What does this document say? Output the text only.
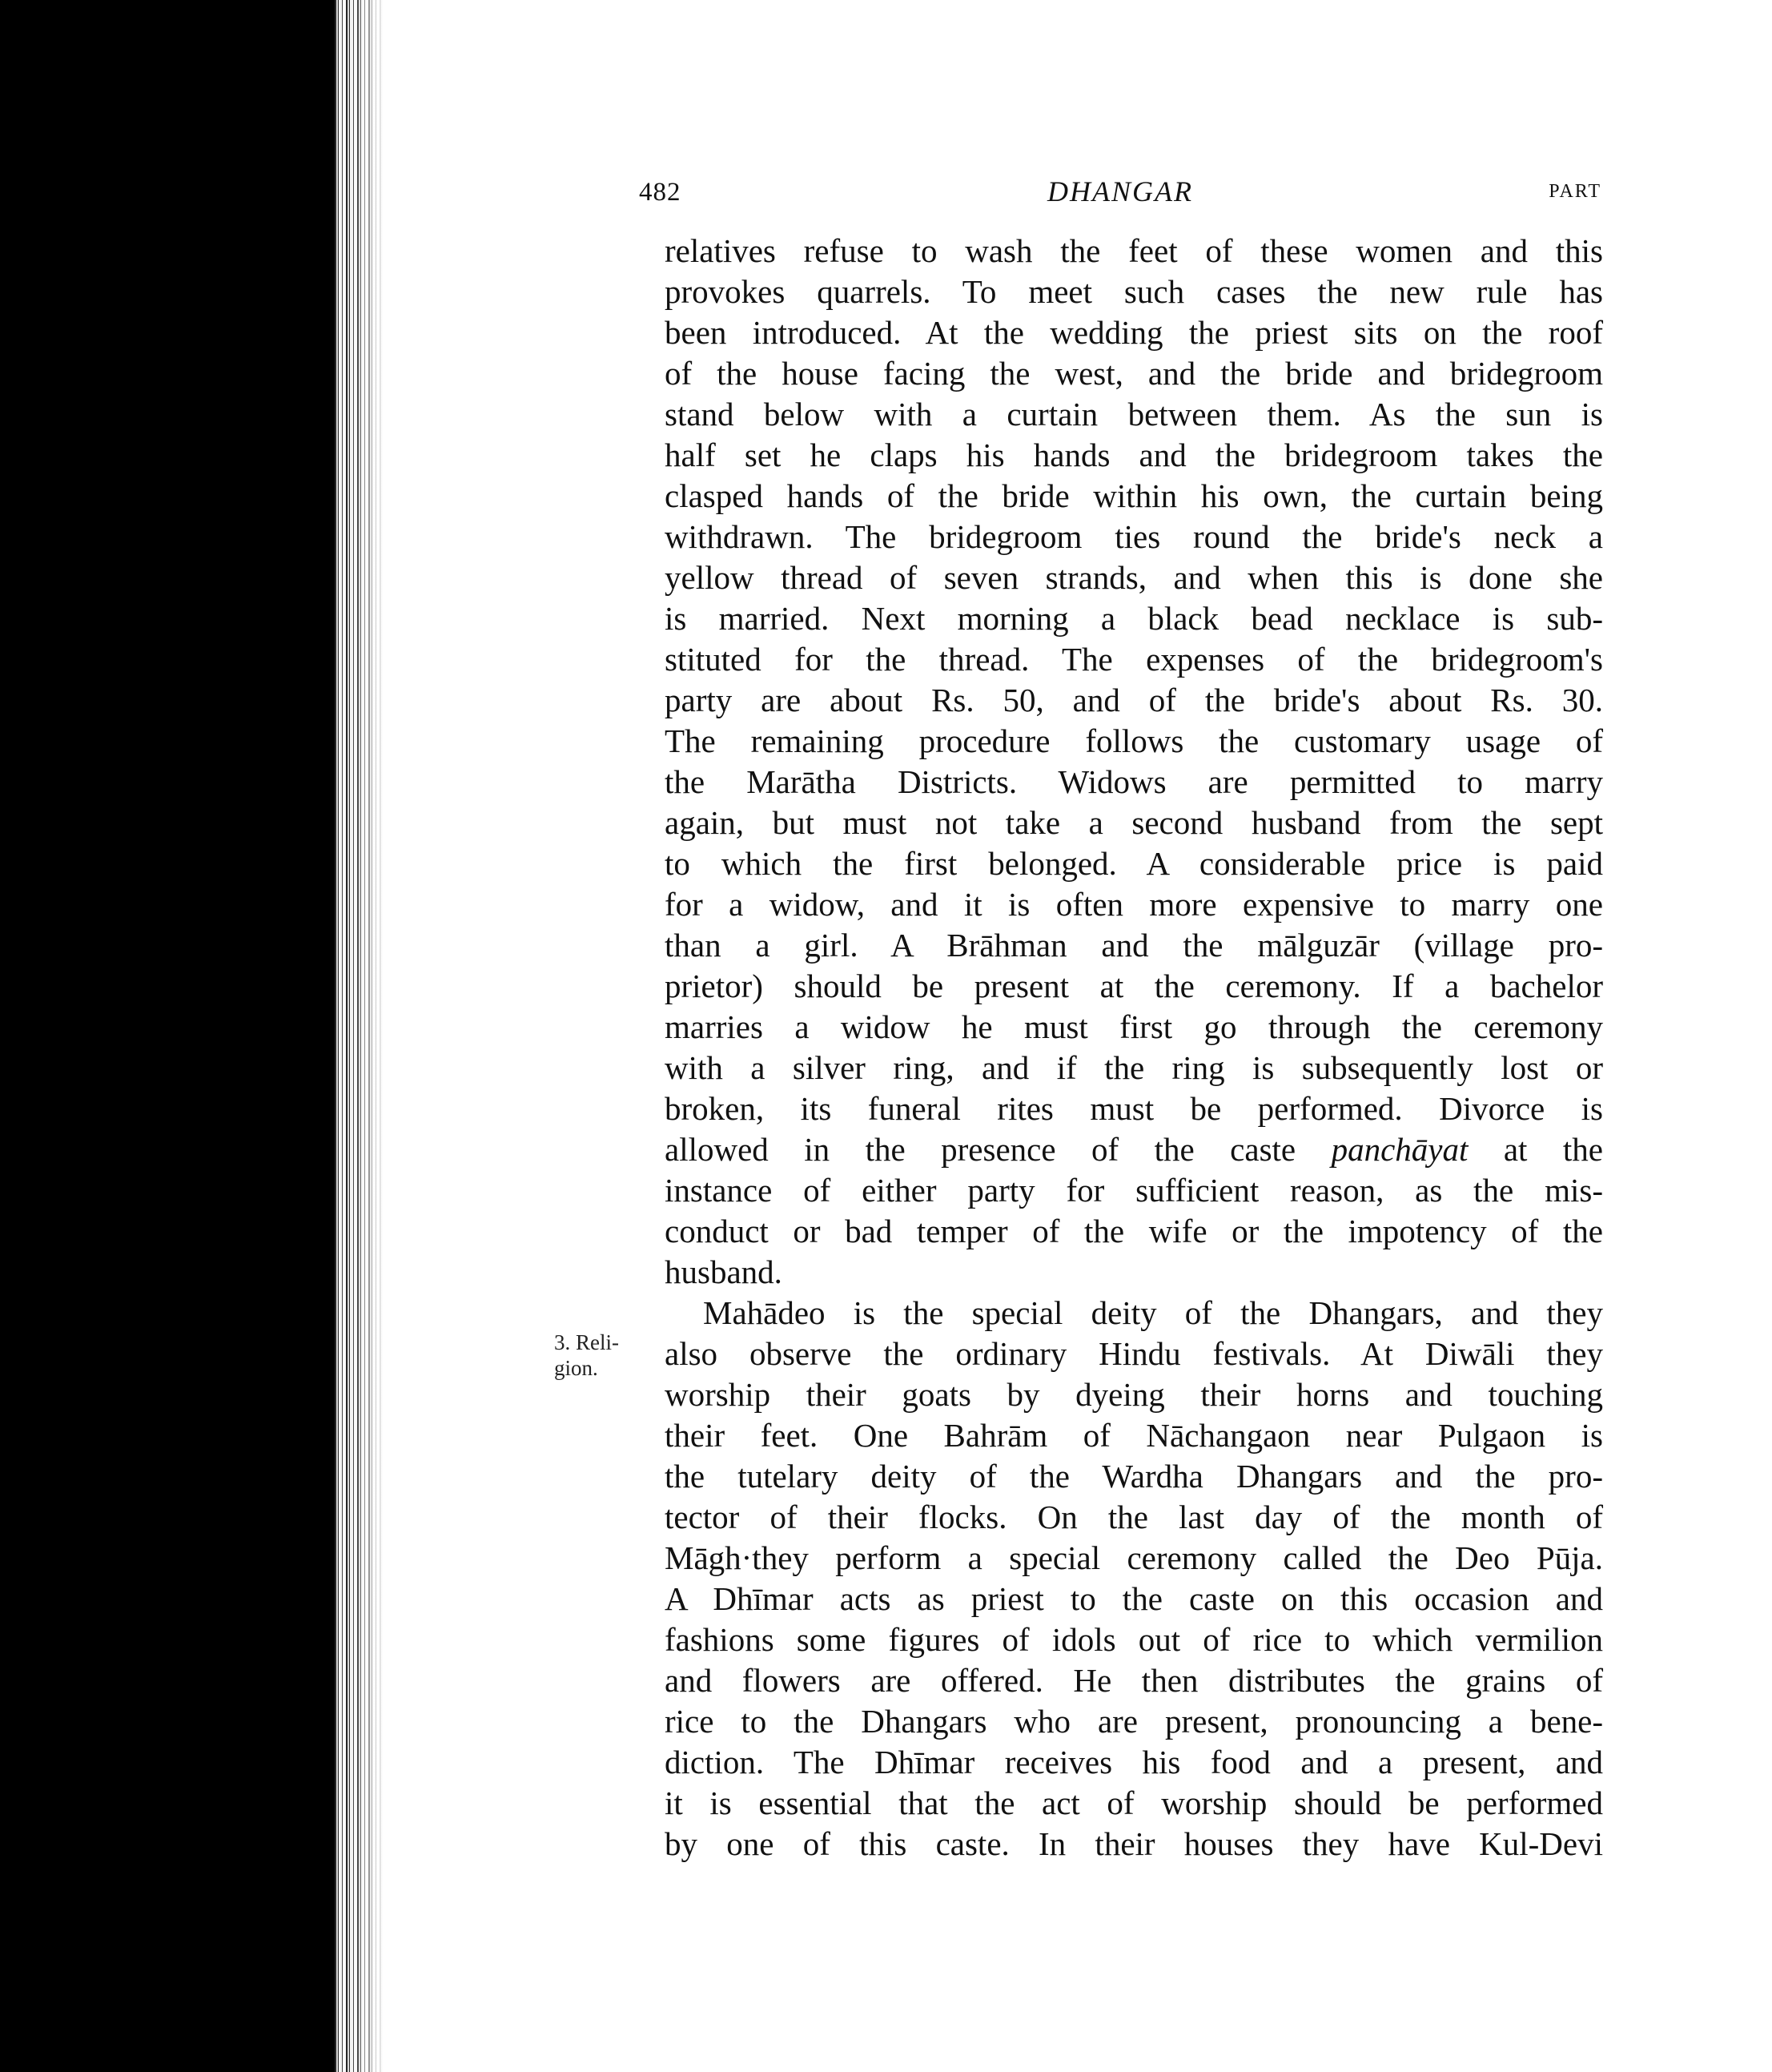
482	DHANGAR	PART
3. Reli-
gion.
relatives refuse to wash the feet of these women and this
provokes quarrels. To meet such cases the new rule has
been introduced. At the wedding the priest sits on the roof
of the house facing the west, and the bride and bridegroom
stand below with a curtain between them. As the sun is
half set he claps his hands and the bridegroom takes the
clasped hands of the bride within his own, the curtain being
withdrawn. The bridegroom ties round the bride's neck a
yellow thread of seven strands, and when this is done she
is married. Next morning a black bead necklace is sub-
stituted for the thread. The expenses of the bridegroom's
party are about Rs. 50, and of the bride's about Rs. 30.
The remaining procedure follows the customary usage of
the Marātha Districts. Widows are permitted to marry
again, but must not take a second husband from the sept
to which the first belonged. A considerable price is paid
for a widow, and it is often more expensive to marry one
than a girl. A Brāhman and the mālguzār (village pro-
prietor) should be present at the ceremony. If a bachelor
marries a widow he must first go through the ceremony
with a silver ring, and if the ring is subsequently lost or
broken, its funeral rites must be performed. Divorce is
allowed in the presence of the caste panchāyat at the
instance of either party for sufficient reason, as the mis-
conduct or bad temper of the wife or the impotency of the
husband.
Mahādeo is the special deity of the Dhangars, and they
also observe the ordinary Hindu festivals. At Diwāli they
worship their goats by dyeing their horns and touching
their feet. One Bahrām of Nāchangaon near Pulgaon is
the tutelary deity of the Wardha Dhangars and the pro-
tector of their flocks. On the last day of the month of
Māgh·they perform a special ceremony called the Deo Pūja.
A Dhīmar acts as priest to the caste on this occasion and
fashions some figures of idols out of rice to which vermilion
and flowers are offered. He then distributes the grains of
rice to the Dhangars who are present, pronouncing a bene-
diction. The Dhīmar receives his food and a present, and
it is essential that the act of worship should be performed
by one of this caste. In their houses they have Kul-Devi
